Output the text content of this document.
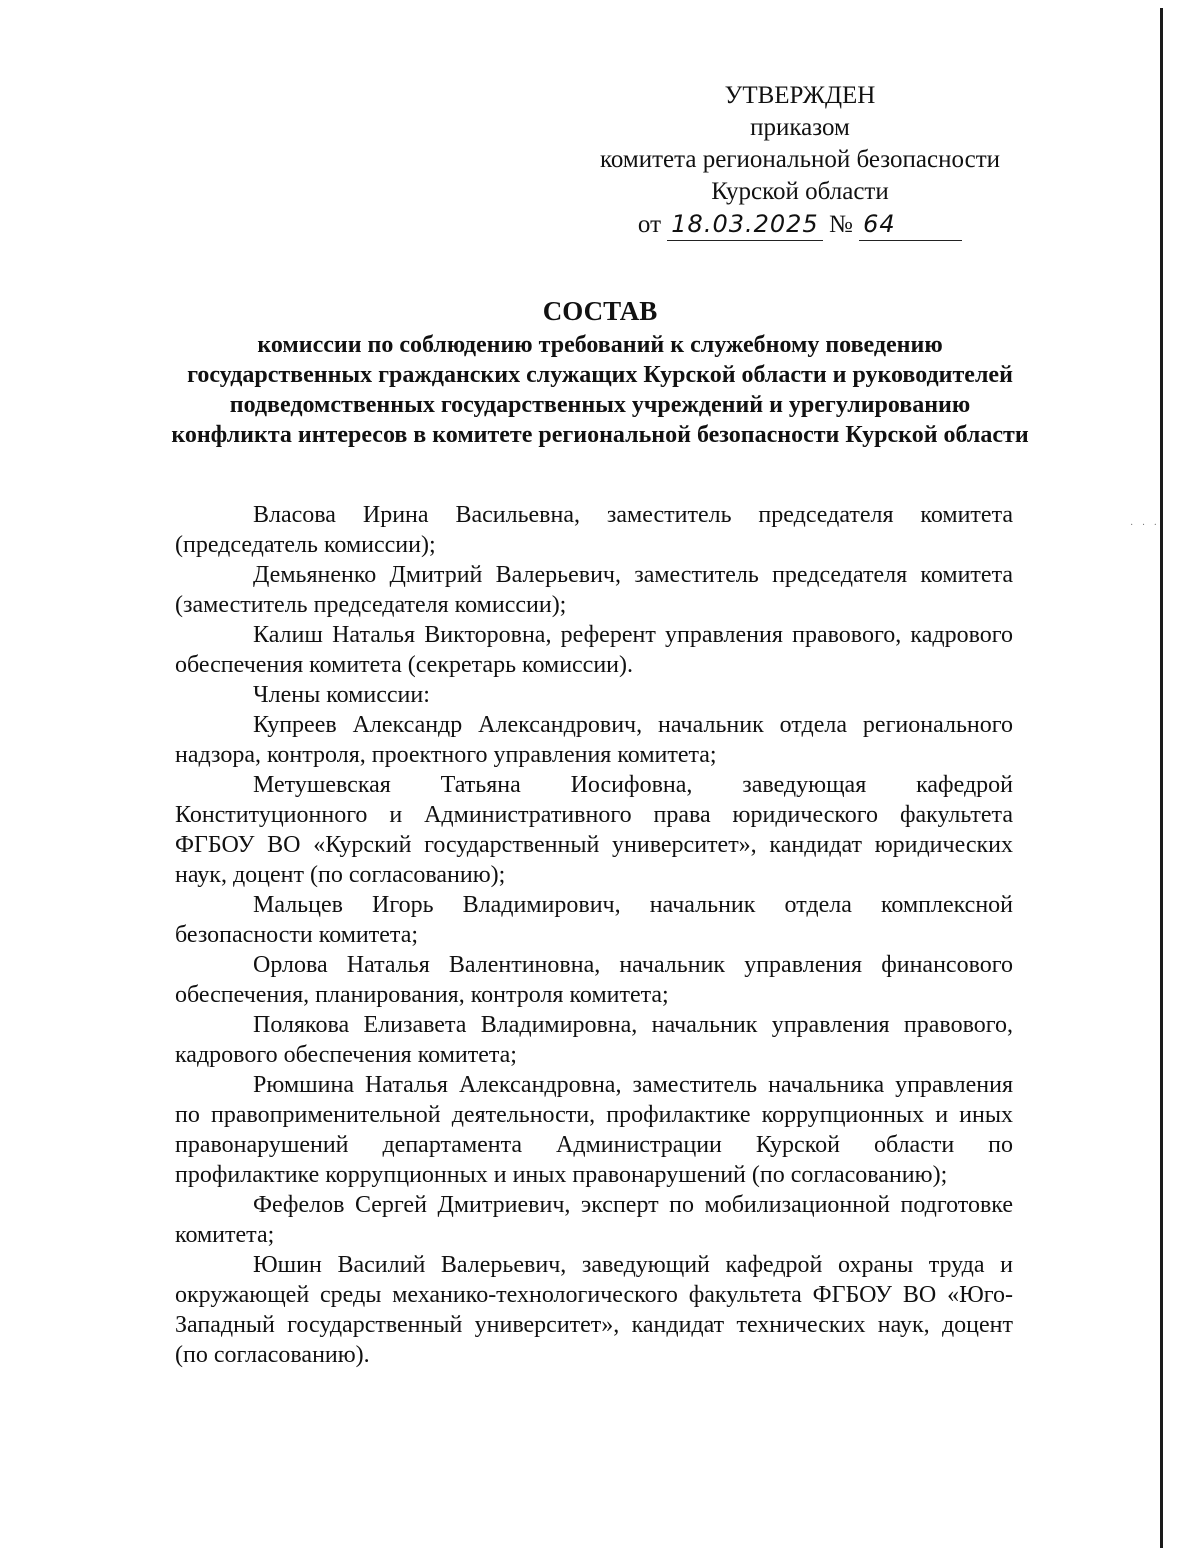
· · ·
УТВЕРЖДЕН
приказом
комитета региональной безопасности
Курской области
от 18.03.2025 № 64

СОСТАВ

комиссии по соблюдению требований к служебному поведению государственных гражданских служащих Курской области и руководителей подведомственных государственных учреждений и урегулированию конфликта интересов в комитете региональной безопасности Курской области

Власова Ирина Васильевна, заместитель председателя комитета (председатель комиссии);

Демьяненко Дмитрий Валерьевич, заместитель председателя комитета (заместитель председателя комиссии);

Калиш Наталья Викторовна, референт управления правового, кадрового обеспечения комитета (секретарь комиссии).

Члены комиссии:

Купреев Александр Александрович, начальник отдела регионального надзора, контроля, проектного управления комитета;

Метушевская Татьяна Иосифовна, заведующая кафедрой Конституционного и Административного права юридического факультета ФГБОУ ВО «Курский государственный университет», кандидат юридических наук, доцент (по согласованию);

Мальцев Игорь Владимирович, начальник отдела комплексной безопасности комитета;

Орлова Наталья Валентиновна, начальник управления финансового обеспечения, планирования, контроля комитета;

Полякова Елизавета Владимировна, начальник управления правового, кадрового обеспечения комитета;

Рюмшина Наталья Александровна, заместитель начальника управления по правоприменительной деятельности, профилактике коррупционных и иных правонарушений департамента Администрации Курской области по профилактике коррупционных и иных правонарушений (по согласованию);

Фефелов Сергей Дмитриевич, эксперт по мобилизационной подготовке комитета;

Юшин Василий Валерьевич, заведующий кафедрой охраны труда и окружающей среды механико-технологического факультета ФГБОУ ВО «Юго-Западный государственный университет», кандидат технических наук, доцент (по согласованию).
